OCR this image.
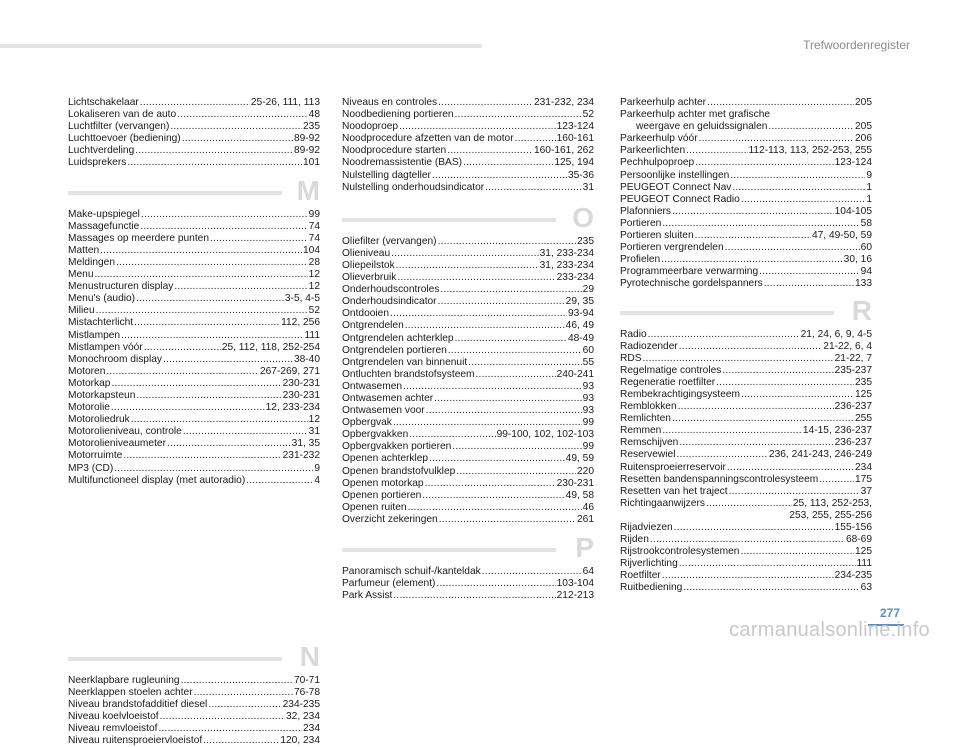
Trefwoordenregister
Lichtschakelaar .....	25-26, 111, 113
Lokaliseren van de auto .....	48
Luchtfilter (vervangen) .....	235
Luchttoevoer (bediening) .....	89-92
Luchtverdeling .....	89-92
Luidsprekers .....	101
M
Make-upspiegel .....	99
Massagefunctie .....	74
Massages op meerdere punten .....	74
Matten .....	104
Meldingen .....	28
Menu .....	12
Menustructuren display .....	12
Menu's (audio) .....	3-5, 4-5
Milieu .....	52
Mistachterlicht .....	112, 256
Mistlampen .....	111
Mistlampen vóór .....	25, 112, 118, 252-254
Monochroom display .....	38-40
Motoren .....	267-269, 271
Motorkap .....	230-231
Motorkapsteun .....	230-231
Motorolie .....	12, 233-234
Motoroliedruk .....	12
Motorolieniveau, controle .....	31
Motorolieniveaumeter .....	31, 35
Motorruimte .....	231-232
MP3 (CD) .....	9
Multifunctioneel display (met autoradio) .....	4
N
Neerklapbare rugleuning .....	70-71
Neerklappen stoelen achter .....	76-78
Niveau brandstofadditief diesel .....	234-235
Niveau koelvloeistof .....	32, 234
Niveau remvloeistof .....	234
Niveau ruitensproeiervloeistof .....	120, 234
Niveaus en controles .....	231-232, 234
Noodbediening portieren .....	52
Noodoproep .....	123-124
Noodprocedure afzetten van de motor .....	160-161
Noodprocedure starten .....	160-161, 262
Noodremassistentie (BAS) .....	125, 194
Nulstelling dagteller .....	35-36
Nulstelling onderhoudsindicator .....	31
O
Oliefilter (vervangen) .....	235
Olieniveau .....	31, 233-234
Oliepeilstok .....	31, 233-234
Olieverbruik .....	233-234
Onderhoudscontroles .....	29
Onderhoudsindicator .....	29, 35
Ontdooien .....	93-94
Ontgrendelen .....	46, 49
Ontgrendelen achterklep .....	48-49
Ontgrendelen portieren .....	60
Ontgrendelen van binnenuit .....	55
Ontluchten brandstofsysteem .....	240-241
Ontwasemen .....	93
Ontwasemen achter .....	93
Ontwasemen voor .....	93
Opbergvak .....	99
Opbergvakken .....	99-100, 102, 102-103
Opbergvakken portieren .....	99
Openen achterklep .....	49, 59
Openen brandstofvulklep .....	220
Openen motorkap .....	230-231
Openen portieren .....	49, 58
Openen ruiten .....	46
Overzicht zekeringen .....	261
P
Panoramisch schuif-/kanteldak .....	64
Parfumeur (element) .....	103-104
Park Assist .....	212-213
Parkeerhulp achter .....	205
Parkeerhulp achter met grafische
weergave en geluidssignalen .....	205
Parkeerhulp vóór .....	206
Parkeerlichten .....	112-113, 113, 252-253, 255
Pechhulpoproep .....	123-124
Persoonlijke instellingen .....	9
PEUGEOT Connect Nav .....	1
PEUGEOT Connect Radio .....	1
Plafonniers .....	104-105
Portieren .....	58
Portieren sluiten .....	47, 49-50, 59
Portieren vergrendelen .....	60
Profielen .....	30, 16
Programmeerbare verwarming .....	94
Pyrotechnische gordelspanners .....	133
R
Radio .....	21, 24, 6, 9, 4-5
Radiozender .....	21-22, 6, 4
RDS .....	21-22, 7
Regelmatige controles .....	235-237
Regeneratie roetfilter .....	235
Rembekrachtigingsysteem .....	125
Remblokken .....	236-237
Remlichten .....	255
Remmen .....	14-15, 236-237
Remschijven .....	236-237
Reservewiel .....	236, 241-243, 246-249
Ruitensproeierreservoir .....	234
Resetten bandenspanningscontrolesysteem .....	175
Resetten van het traject .....	37
Richtingaanwijzers .....	25, 113, 252-253,
253, 255, 255-256
Rijadviezen .....	155-156
Rijden .....	68-69
Rijstrookcontrolesystemen .....	125
Rijverlichting .....	111
Roetfilter .....	234-235
Ruitbediening .....	63
277
carmanualsonline.info
